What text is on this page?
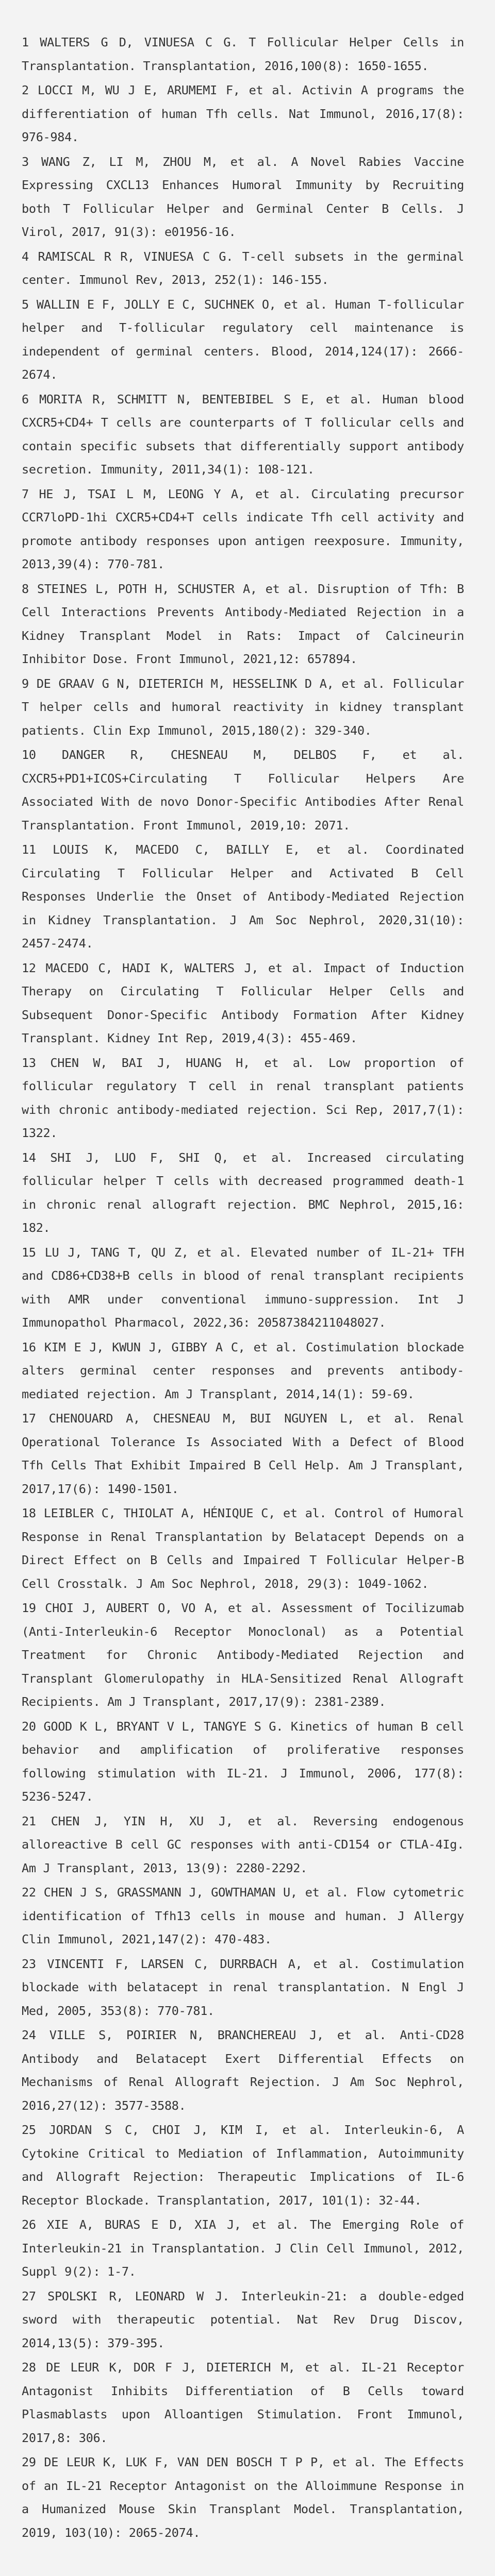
1 WALTERS G D, VINUESA C G. T Follicular Helper Cells in Transplantation. Transplantation, 2016,100(8): 1650-1655.

2 LOCCI M, WU J E, ARUMEMI F, et al. Activin A programs the differentiation of human Tfh cells. Nat Immunol, 2016,17(8): 976-984.

3 WANG Z, LI M, ZHOU M, et al. A Novel Rabies Vaccine Expressing CXCL13 Enhances Humoral Immunity by Recruiting both T Follicular Helper and Germinal Center B Cells. J Virol, 2017, 91(3): e01956-16.

4 RAMISCAL R R, VINUESA C G. T-cell subsets in the germinal center. Immunol Rev, 2013, 252(1): 146-155.

5 WALLIN E F, JOLLY E C, SUCHNEK O, et al. Human T-follicular helper and T-follicular regulatory cell maintenance is independent of germinal centers. Blood, 2014,124(17): 2666-2674.

6 MORITA R, SCHMITT N, BENTEBIBEL S E, et al. Human blood CXCR5+CD4+ T cells are counterparts of T follicular cells and contain specific subsets that differentially support antibody secretion. Immunity, 2011,34(1): 108-121.

7 HE J, TSAI L M, LEONG Y A, et al. Circulating precursor CCR7loPD-1hi CXCR5+CD4+T cells indicate Tfh cell activity and promote antibody responses upon antigen reexposure. Immunity, 2013,39(4): 770-781.

8 STEINES L, POTH H, SCHUSTER A, et al. Disruption of Tfh: B Cell Interactions Prevents Antibody-Mediated Rejection in a Kidney Transplant Model in Rats: Impact of Calcineurin Inhibitor Dose. Front Immunol, 2021,12: 657894.

9 DE GRAAV G N, DIETERICH M, HESSELINK D A, et al. Follicular T helper cells and humoral reactivity in kidney transplant patients. Clin Exp Immunol, 2015,180(2): 329-340.

10 DANGER R, CHESNEAU M, DELBOS F, et al. CXCR5+PD1+ICOS+Circulating T Follicular Helpers Are Associated With de novo Donor-Specific Antibodies After Renal Transplantation. Front Immunol, 2019,10: 2071.

11 LOUIS K, MACEDO C, BAILLY E, et al. Coordinated Circulating T Follicular Helper and Activated B Cell Responses Underlie the Onset of Antibody-Mediated Rejection in Kidney Transplantation. J Am Soc Nephrol, 2020,31(10): 2457-2474.

12 MACEDO C, HADI K, WALTERS J, et al. Impact of Induction Therapy on Circulating T Follicular Helper Cells and Subsequent Donor-Specific Antibody Formation After Kidney Transplant. Kidney Int Rep, 2019,4(3): 455-469.

13 CHEN W, BAI J, HUANG H, et al. Low proportion of follicular regulatory T cell in renal transplant patients with chronic antibody-mediated rejection. Sci Rep, 2017,7(1): 1322.

14 SHI J, LUO F, SHI Q, et al. Increased circulating follicular helper T cells with decreased programmed death-1 in chronic renal allograft rejection. BMC Nephrol, 2015,16: 182.

15 LU J, TANG T, QU Z, et al. Elevated number of IL-21+ TFH and CD86+CD38+B cells in blood of renal transplant recipients with AMR under conventional immuno-suppression. Int J Immunopathol Pharmacol, 2022,36: 20587384211048027.

16 KIM E J, KWUN J, GIBBY A C, et al. Costimulation blockade alters germinal center responses and prevents antibody-mediated rejection. Am J Transplant, 2014,14(1): 59-69.

17 CHENOUARD A, CHESNEAU M, BUI NGUYEN L, et al. Renal Operational Tolerance Is Associated With a Defect of Blood Tfh Cells That Exhibit Impaired B Cell Help. Am J Transplant, 2017,17(6): 1490-1501.

18 LEIBLER C, THIOLAT A, HÉNIQUE C, et al. Control of Humoral Response in Renal Transplantation by Belatacept Depends on a Direct Effect on B Cells and Impaired T Follicular Helper-B Cell Crosstalk. J Am Soc Nephrol, 2018, 29(3): 1049-1062.

19 CHOI J, AUBERT O, VO A, et al. Assessment of Tocilizumab (Anti-Interleukin-6 Receptor Monoclonal) as a Potential Treatment for Chronic Antibody-Mediated Rejection and Transplant Glomerulopathy in HLA-Sensitized Renal Allograft Recipients. Am J Transplant, 2017,17(9): 2381-2389.

20 GOOD K L, BRYANT V L, TANGYE S G. Kinetics of human B cell behavior and amplification of proliferative responses following stimulation with IL-21. J Immunol, 2006, 177(8): 5236-5247.

21 CHEN J, YIN H, XU J, et al. Reversing endogenous alloreactive B cell GC responses with anti-CD154 or CTLA-4Ig. Am J Transplant, 2013, 13(9): 2280-2292.

22 CHEN J S, GRASSMANN J, GOWTHAMAN U, et al. Flow cytometric identification of Tfh13 cells in mouse and human. J Allergy Clin Immunol, 2021,147(2): 470-483.

23 VINCENTI F, LARSEN C, DURRBACH A, et al. Costimulation blockade with belatacept in renal transplantation. N Engl J Med, 2005, 353(8): 770-781.

24 VILLE S, POIRIER N, BRANCHEREAU J, et al. Anti-CD28 Antibody and Belatacept Exert Differential Effects on Mechanisms of Renal Allograft Rejection. J Am Soc Nephrol, 2016,27(12): 3577-3588.

25 JORDAN S C, CHOI J, KIM I, et al. Interleukin-6, A Cytokine Critical to Mediation of Inflammation, Autoimmunity and Allograft Rejection: Therapeutic Implications of IL-6 Receptor Blockade. Transplantation, 2017, 101(1): 32-44.

26 XIE A, BURAS E D, XIA J, et al. The Emerging Role of Interleukin-21 in Transplantation. J Clin Cell Immunol, 2012, Suppl 9(2): 1-7.

27 SPOLSKI R, LEONARD W J. Interleukin-21: a double-edged sword with therapeutic potential. Nat Rev Drug Discov, 2014,13(5): 379-395.

28 DE LEUR K, DOR F J, DIETERICH M, et al. IL-21 Receptor Antagonist Inhibits Differentiation of B Cells toward Plasmablasts upon Alloantigen Stimulation. Front Immunol, 2017,8: 306.

29 DE LEUR K, LUK F, VAN DEN BOSCH T P P, et al. The Effects of an IL-21 Receptor Antagonist on the Alloimmune Response in a Humanized Mouse Skin Transplant Model. Transplantation, 2019, 103(10): 2065-2074.
